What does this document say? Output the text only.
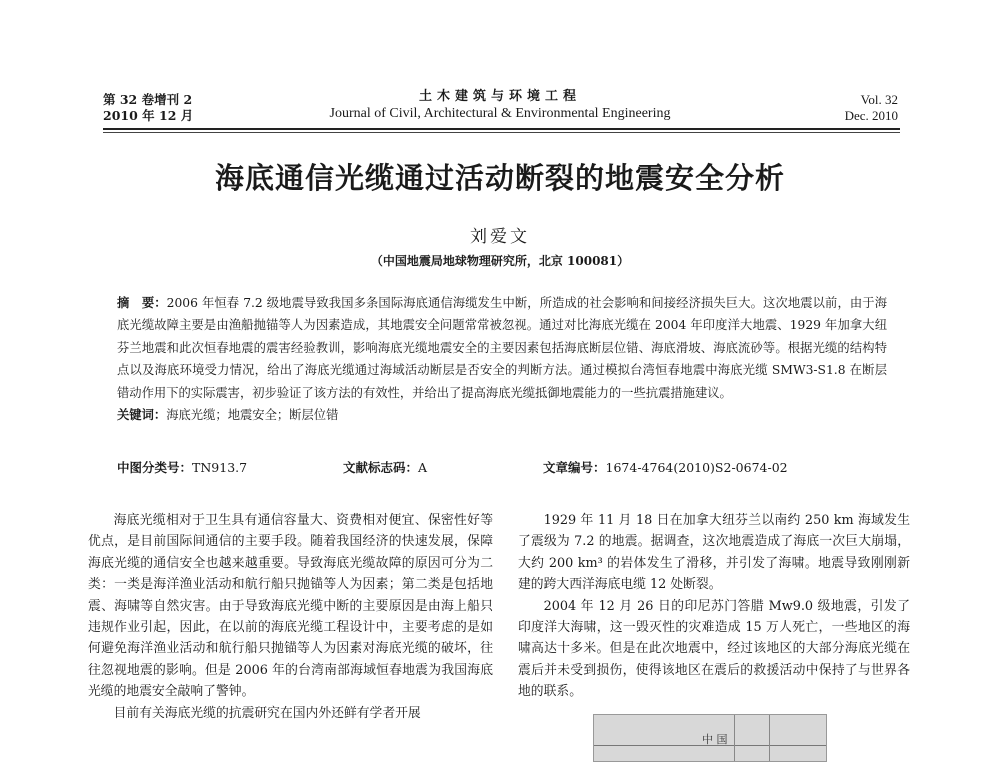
第 32 卷增刊 2
2010 年 12 月
土木建筑与环境工程
Journal of Civil, Architectural & Environmental Engineering
Vol. 32
Dec. 2010
海底通信光缆通过活动断裂的地震安全分析
刘爱文
（中国地震局地球物理研究所，北京 100081）

摘　要：2006 年恒春 7.2 级地震导致我国多条国际海底通信海缆发生中断，所造成的社会影响和间接经济损失巨大。这次地震以前，由于海底光缆故障主要是由渔船抛锚等人为因素造成，其地震安全问题常常被忽视。通过对比海底光缆在 2004 年印度洋大地震、1929 年加拿大纽芬兰地震和此次恒春地震的震害经验教训，影响海底光缆地震安全的主要因素包括海底断层位错、海底滑坡、海底流砂等。根据光缆的结构特点以及海底环境受力情况，给出了海底光缆通过海域活动断层是否安全的判断方法。通过模拟台湾恒春地震中海底光缆 SMW3-S1.8 在断层错动作用下的实际震害，初步验证了该方法的有效性，并给出了提高海底光缆抵御地震能力的一些抗震措施建议。

关键词：海底光缆；地震安全；断层位错

中图分类号：TN913.7	文献标志码：A	文章编号：1674-4764(2010)S2-0674-02

海底光缆相对于卫生具有通信容量大、资费相对便宜、保密性好等优点，是目前国际间通信的主要手段。随着我国经济的快速发展，保障海底光缆的通信安全也越来越重要。导致海底光缆故障的原因可分为二类：一类是海洋渔业活动和航行船只抛锚等人为因素；第二类是包括地震、海啸等自然灾害。由于导致海底光缆中断的主要原因是由海上船只违规作业引起，因此，在以前的海底光缆工程设计中，主要考虑的是如何避免海洋渔业活动和航行船只抛锚等人为因素对海底光缆的破坏，往往忽视地震的影响。但是 2006 年的台湾南部海域恒春地震为我国海底光缆的地震安全敲响了警钟。

目前有关海底光缆的抗震研究在国内外还鲜有学者开展

1929 年 11 月 18 日在加拿大纽芬兰以南约 250 km 海域发生了震级为 7.2 的地震。据调查，这次地震造成了海底一次巨大崩塌，大约 200 km³ 的岩体发生了滑移，并引发了海啸。地震导致刚刚新建的跨大西洋海底电缆 12 处断裂。

2004 年 12 月 26 日的印尼苏门答腊 Mw9.0 级地震，引发了印度洋大海啸，这一毁灭性的灾难造成 15 万人死亡，一些地区的海啸高达十多米。但是在此次地震中，经过该地区的大部分海底光缆在震后并未受到损伤，使得该地区在震后的救援活动中保持了与世界各地的联系。

中 国
